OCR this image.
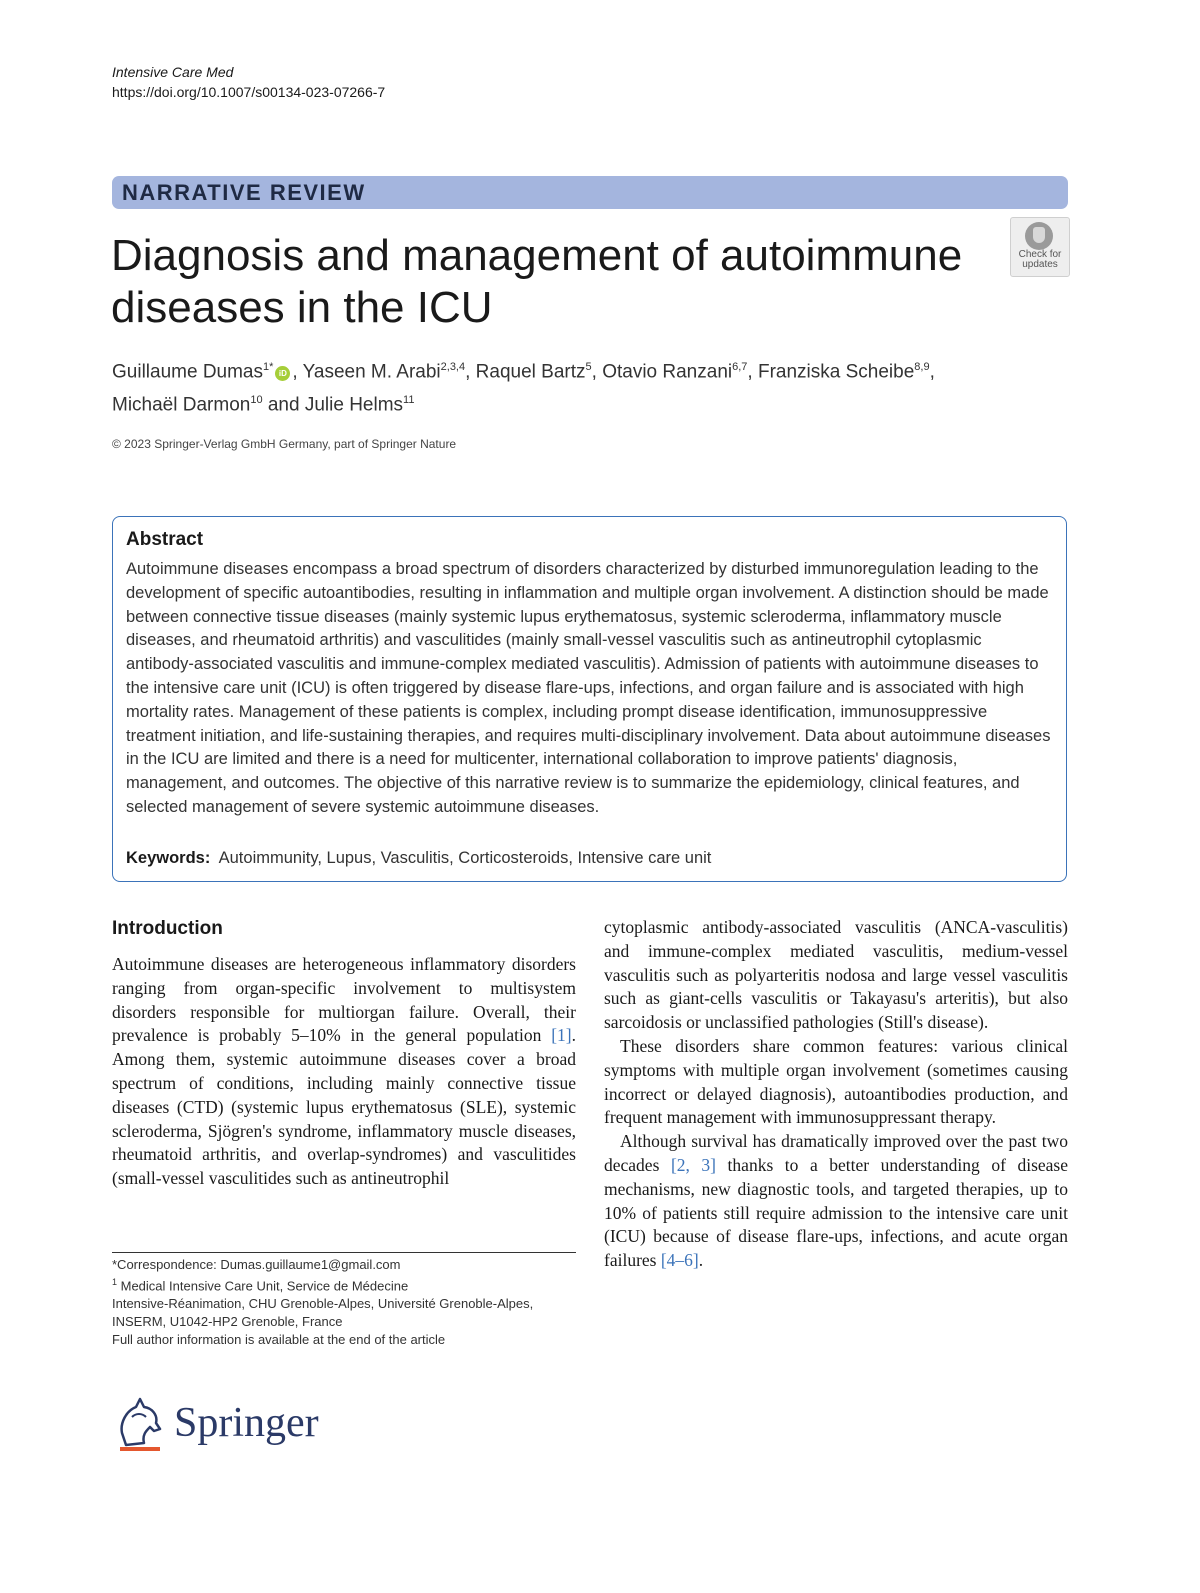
Intensive Care Med
https://doi.org/10.1007/s00134-023-07266-7
NARRATIVE REVIEW
Diagnosis and management of autoimmune diseases in the ICU
Check for
updates
Guillaume Dumas$^{1*}$iD , Yaseen M. Arabi$^{2,3,4}$, Raquel Bartz$^5$, Otavio Ranzani$^{6,7}$, Franziska Scheibe$^{8,9}$,
Michaël Darmon$^{10}$ and Julie Helms$^{11}$
© 2023 Springer-Verlag GmbH Germany, part of Springer Nature
Abstract
Autoimmune diseases encompass a broad spectrum of disorders characterized by disturbed immunoregulation leading to the development of specific autoantibodies, resulting in inflammation and multiple organ involvement. A distinction should be made between connective tissue diseases (mainly systemic lupus erythematosus, systemic scleroderma, inflammatory muscle diseases, and rheumatoid arthritis) and vasculitides (mainly small-vessel vasculitis such as antineutrophil cytoplasmic antibody-associated vasculitis and immune-complex mediated vasculitis). Admission of patients with autoimmune diseases to the intensive care unit (ICU) is often triggered by disease flare-ups, infections, and organ failure and is associated with high mortality rates. Management of these patients is complex, including prompt disease identification, immunosuppressive treatment initiation, and life-sustaining therapies, and requires multi-disciplinary involvement. Data about autoimmune diseases in the ICU are limited and there is a need for multicenter, international collaboration to improve patients' diagnosis, management, and outcomes. The objective of this narrative review is to summarize the epidemiology, clinical features, and selected management of severe systemic autoimmune diseases.
Keywords: Autoimmunity, Lupus, Vasculitis, Corticosteroids, Intensive care unit
Introduction

Autoimmune diseases are heterogeneous inflammatory disorders ranging from organ-specific involvement to multisystem disorders responsible for multiorgan failure. Overall, their prevalence is probably 5–10% in the general population [1]. Among them, systemic autoimmune diseases cover a broad spectrum of conditions, including mainly connective tissue diseases (CTD) (systemic lupus erythematosus (SLE), systemic scleroderma, Sjögren's syndrome, inflammatory muscle diseases, rheumatoid arthritis, and overlap-syndromes) and vasculitides (small-vessel vasculitides such as antineutrophil

cytoplasmic antibody-associated vasculitis (ANCA-vasculitis) and immune-complex mediated vasculitis, medium-vessel vasculitis such as polyarteritis nodosa and large vessel vasculitis such as giant-cells vasculitis or Takayasu's arteritis), but also sarcoidosis or unclassified pathologies (Still's disease).

These disorders share common features: various clinical symptoms with multiple organ involvement (sometimes causing incorrect or delayed diagnosis), autoantibodies production, and frequent management with immunosuppressant therapy.

Although survival has dramatically improved over the past two decades [2, 3] thanks to a better understanding of disease mechanisms, new diagnostic tools, and targeted therapies, up to 10% of patients still require admission to the intensive care unit (ICU) because of disease flare-ups, infections, and acute organ failures [4–6].

*Correspondence: Dumas.guillaume1@gmail.com
$^1$ Medical Intensive Care Unit, Service de Médecine
Intensive-Réanimation, CHU Grenoble-Alpes, Université Grenoble-Alpes,
INSERM, U1042-HP2 Grenoble, France
Full author information is available at the end of the article
Springer
